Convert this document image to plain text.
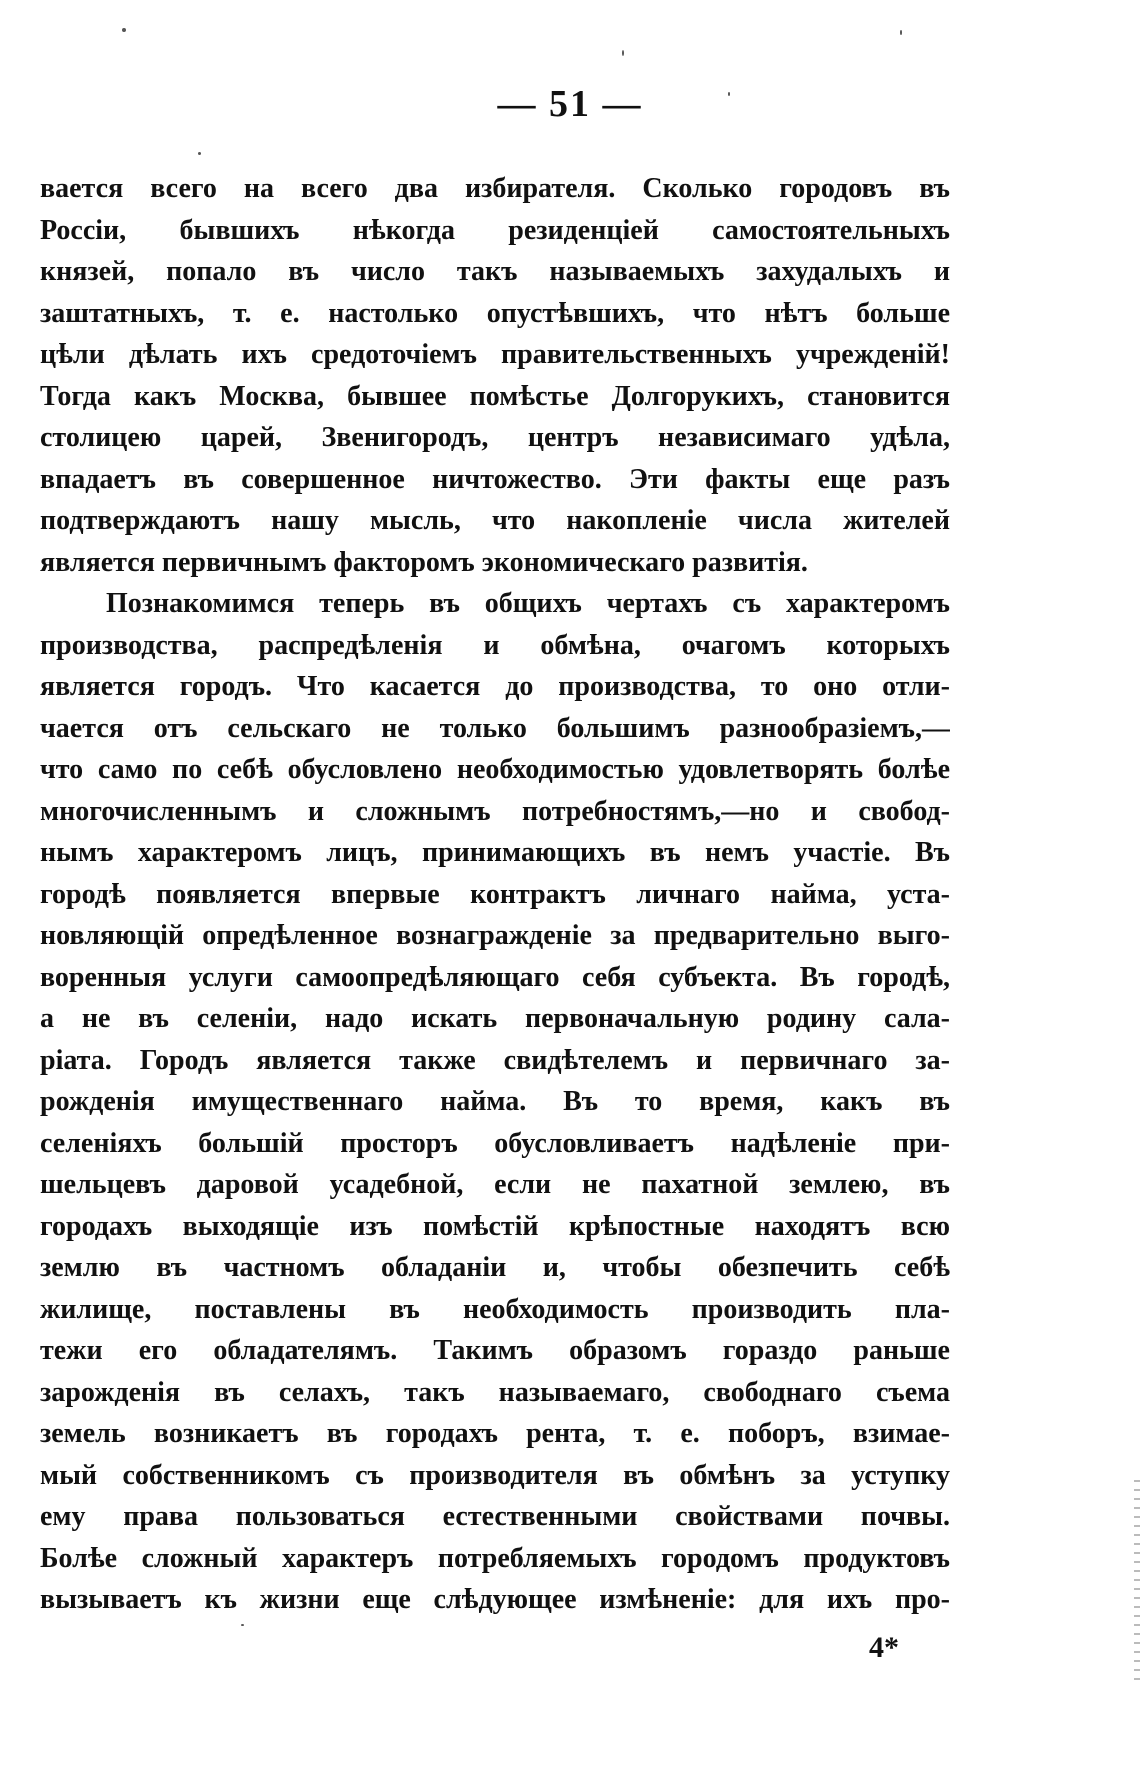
— 51 —
вается всего на всего два избирателя. Сколько городовъ въ
Россіи, бывшихъ нѣкогда резиденціей самостоятельныхъ
князей, попало въ число такъ называемыхъ захудалыхъ и
заштатныхъ, т. е. настолько опустѣвшихъ, что нѣтъ больше
цѣли дѣлать ихъ средоточіемъ правительственныхъ учрежденій!
Тогда какъ Москва, бывшее помѣстье Долгорукихъ, становится
столицею царей, Звенигородъ, центръ независимаго удѣла,
впадаетъ въ совершенное ничтожество. Эти факты еще разъ
подтверждаютъ нашу мысль, что накопленіе числа жителей
является первичнымъ факторомъ экономическаго развитія.
Познакомимся теперь въ общихъ чертахъ съ характеромъ
производства, распредѣленія и обмѣна, очагомъ которыхъ
является городъ. Что касается до производства, то оно отли-
чается отъ сельскаго не только большимъ разнообразіемъ,—
что само по себѣ обусловлено необходимостью удовлетворять болѣе
многочисленнымъ и сложнымъ потребностямъ,—но и свобод-
нымъ характеромъ лицъ, принимающихъ въ немъ участіе. Въ
городѣ появляется впервые контрактъ личнаго найма, уста-
новляющій опредѣленное вознагражденіе за предварительно выго-
воренныя услуги самоопредѣляющаго себя субъекта. Въ городѣ,
а не въ селеніи, надо искать первоначальную родину сала-
ріата. Городъ является также свидѣтелемъ и первичнаго за-
рожденія имущественнаго найма. Въ то время, какъ въ
селеніяхъ большій просторъ обусловливаетъ надѣленіе при-
шельцевъ даровой усадебной, если не пахатной землею, въ
городахъ выходящіе изъ помѣстій крѣпостные находятъ всю
землю въ частномъ обладаніи и, чтобы обезпечить себѣ
жилище, поставлены въ необходимость производить пла-
тежи его обладателямъ. Такимъ образомъ гораздо раньше
зарожденія въ селахъ, такъ называемаго, свободнаго съема
земель возникаетъ въ городахъ рента, т. е. поборъ, взимае-
мый собственникомъ съ производителя въ обмѣнъ за уступку
ему права пользоваться естественными свойствами почвы.
Болѣе сложный характеръ потребляемыхъ городомъ продуктовъ
вызываетъ къ жизни еще слѣдующее измѣненіе: для ихъ про-
4*
